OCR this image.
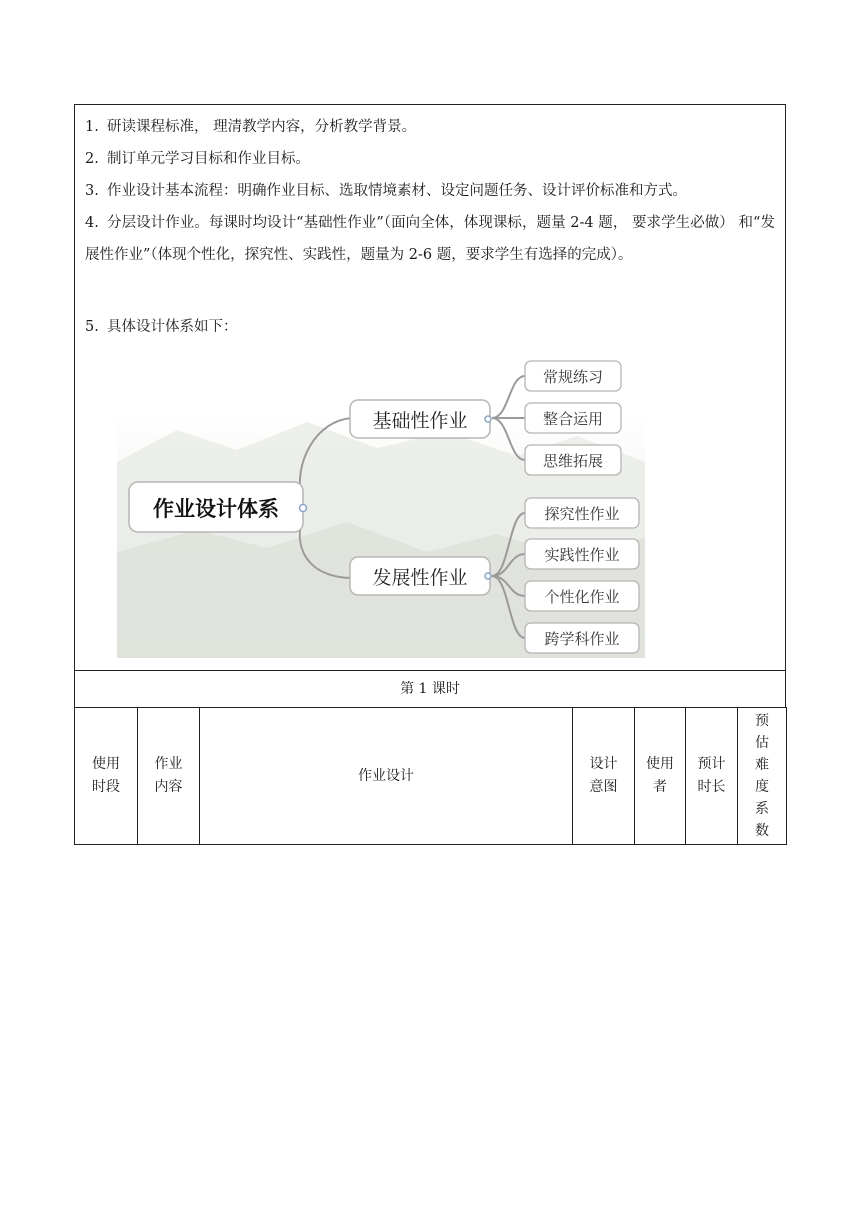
1. 研读课程标准， 理清教学内容，分析教学背景。
2. 制订单元学习目标和作业目标。
3. 作业设计基本流程：明确作业目标、选取情境素材、设定问题任务、设计评价标准和方式。
4. 分层设计作业。每课时均设计“基础性作业”（面向全体，体现课标，题量 2-4 题， 要求学生必做） 和“发展性作业”（体现个性化，探究性、实践性，题量为 2-6 题，要求学生有选择的完成）。
5. 具体设计体系如下：
作业设计体系
基础性作业
发展性作业
常规练习
整合运用
思维拓展
探究性作业
实践性作业
个性化作业
跨学科作业
第 1 课时
使用时段	作业内容	作业设计	设计意图	使用者	预计时长	预估难度系数
